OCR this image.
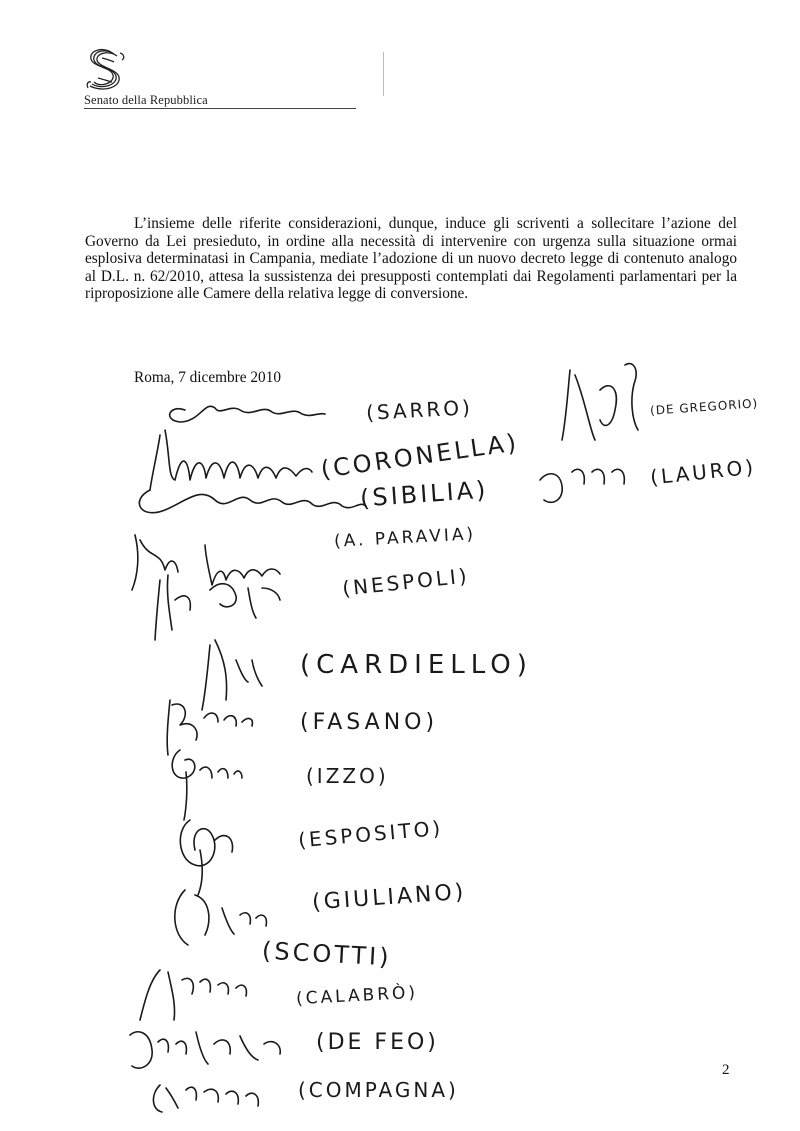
Senato della Repubblica
L’insieme delle riferite considerazioni, dunque, induce gli scriventi a sollecitare l’azione del Governo da Lei presieduto, in ordine alla necessità di intervenire con urgenza sulla situazione ormai esplosiva determinatasi in Campania, mediate l’adozione di un nuovo decreto legge di contenuto analogo al D.L. n. 62/2010, attesa la sussistenza dei presupposti contemplati dai Regolamenti parlamentari per la riproposizione alle Camere della relativa legge di conversione.
Roma, 7 dicembre 2010
(SARRO)
(CORONELLA)
(SIBILIA)
(A. PARAVIA)
(NESPOLI)
(CARDIELLO)
(FASANO)
(IZZO)
(ESPOSITO)
(GIULIANO)
(SCOTTI)
(CALABRÒ)
(DE FEO)
(COMPAGNA)
(DE GREGORIO)
(LAURO)
2
